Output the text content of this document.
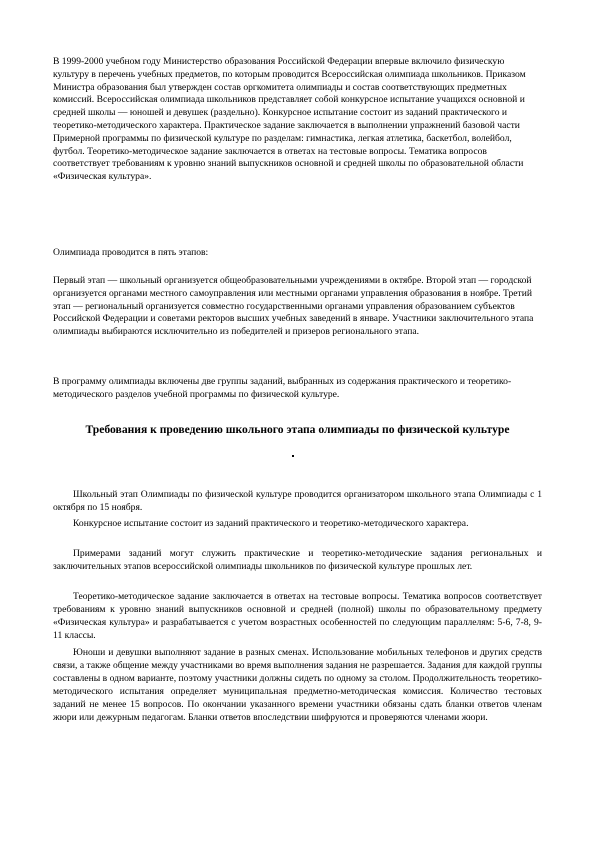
В 1999-2000 учебном году Министерство образования Российской Федерации впервые включило физическую культуру в перечень учебных предметов, по которым проводится Всероссийская олимпиада школьников. Приказом Министра образования был утвержден состав оргкомитета олимпиады и состав соответствующих предметных комиссий. Всероссийская олимпиада школьников представляет собой конкурсное испытание учащихся основной и средней школы — юношей и девушек (раздельно). Конкурсное испытание состоит из заданий практического и теоретико-методического характера. Практическое задание заключается в выполнении упражнений базовой части Примерной программы по физической культуре по разделам: гимнастика, легкая атлетика, баскетбол, волейбол, футбол. Теоретико-методическое задание заключается в ответах на тестовые вопросы. Тематика вопросов соответствует требованиям к уровню знаний выпускников основной и средней школы по образовательной области «Физическая культура».

Олимпиада проводится в пять этапов:

Первый этап — школьный организуется общеобразовательными учреждениями в октябре. Второй этап — городской организуется органами местного самоуправления или местными органами управления образования в ноябре. Третий этап — региональный организуется совместно государственными органами управления образованием субъектов Российской Федерации и советами ректоров высших учебных заведений в январе. Участники заключительного этапа олимпиады выбираются исключительно из победителей и призеров регионального этапа.

В программу олимпиады включены две группы заданий, выбранных из содержания практического и теоретико-методического разделов учебной программы по физической культуре.

Требования к проведению школьного этапа олимпиады по физической культуре

Школьный этап Олимпиады по физической культуре проводится организатором школьного этапа Олимпиады с 1 октября по 15 ноября.

Конкурсное испытание состоит из заданий практического и теоретико-методического характера.

Примерами заданий могут служить практические и теоретико-методические задания региональных и заключительных этапов всероссийской олимпиады школьников по физической культуре прошлых лет.

Теоретико-методическое задание заключается в ответах на тестовые вопросы. Тематика вопросов соответствует требованиям к уровню знаний выпускников основной и средней (полной) школы по образовательному предмету «Физическая культура» и разрабатывается с учетом возрастных особенностей по следующим параллелям: 5-6, 7-8, 9-11 классы.

Юноши и девушки выполняют задание в разных сменах. Использование мобильных телефонов и других средств связи, а также общение между участниками во время выполнения задания не разрешается. Задания для каждой группы составлены в одном варианте, поэтому участники должны сидеть по одному за столом. Продолжительность теоретико-методического испытания определяет муниципальная предметно-методическая комиссия. Количество тестовых заданий не менее 15 вопросов. По окончании указанного времени участники обязаны сдать бланки ответов членам жюри или дежурным педагогам. Бланки ответов впоследствии шифруются и проверяются членами жюри.
